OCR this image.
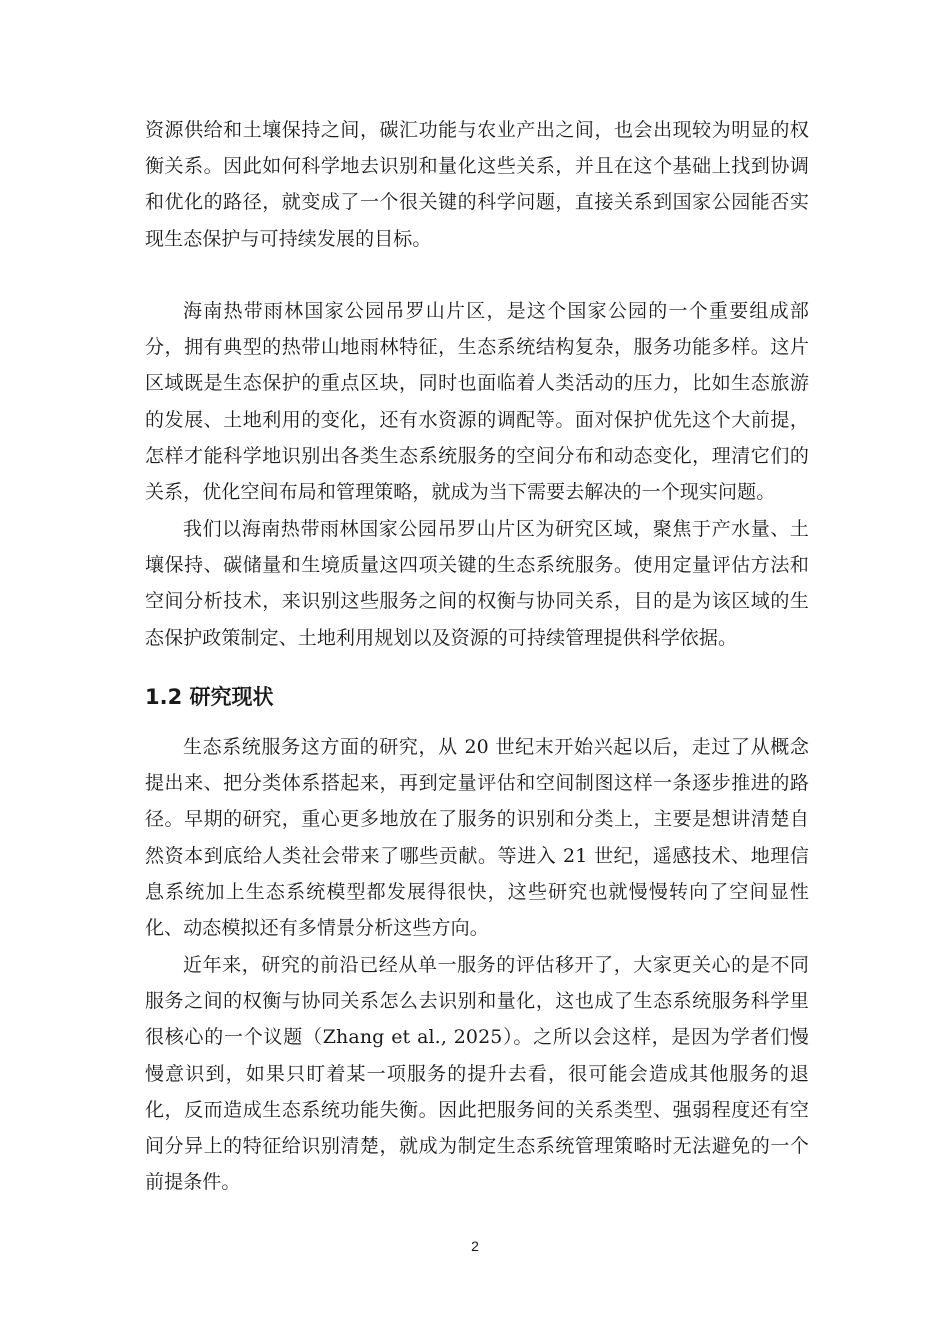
资源供给和土壤保持之间，碳汇功能与农业产出之间，也会出现较为明显的权衡关系。因此如何科学地去识别和量化这些关系，并且在这个基础上找到协调和优化的路径，就变成了一个很关键的科学问题，直接关系到国家公园能否实现生态保护与可持续发展的目标。

海南热带雨林国家公园吊罗山片区，是这个国家公园的一个重要组成部分，拥有典型的热带山地雨林特征，生态系统结构复杂，服务功能多样。这片区域既是生态保护的重点区块，同时也面临着人类活动的压力，比如生态旅游的发展、土地利用的变化，还有水资源的调配等。面对保护优先这个大前提，怎样才能科学地识别出各类生态系统服务的空间分布和动态变化，理清它们的关系，优化空间布局和管理策略，就成为当下需要去解决的一个现实问题。

我们以海南热带雨林国家公园吊罗山片区为研究区域，聚焦于产水量、土壤保持、碳储量和生境质量这四项关键的生态系统服务。使用定量评估方法和空间分析技术，来识别这些服务之间的权衡与协同关系，目的是为该区域的生态保护政策制定、土地利用规划以及资源的可持续管理提供科学依据。

1.2 研究现状

生态系统服务这方面的研究，从 20 世纪末开始兴起以后，走过了从概念提出来、把分类体系搭起来，再到定量评估和空间制图这样一条逐步推进的路径。早期的研究，重心更多地放在了服务的识别和分类上，主要是想讲清楚自然资本到底给人类社会带来了哪些贡献。等进入 21 世纪，遥感技术、地理信息系统加上生态系统模型都发展得很快，这些研究也就慢慢转向了空间显性化、动态模拟还有多情景分析这些方向。

近年来，研究的前沿已经从单一服务的评估移开了，大家更关心的是不同服务之间的权衡与协同关系怎么去识别和量化，这也成了生态系统服务科学里很核心的一个议题（Zhang et al., 2025）。之所以会这样，是因为学者们慢慢意识到，如果只盯着某一项服务的提升去看，很可能会造成其他服务的退化，反而造成生态系统功能失衡。因此把服务间的关系类型、强弱程度还有空间分异上的特征给识别清楚，就成为制定生态系统管理策略时无法避免的一个前提条件。

2
